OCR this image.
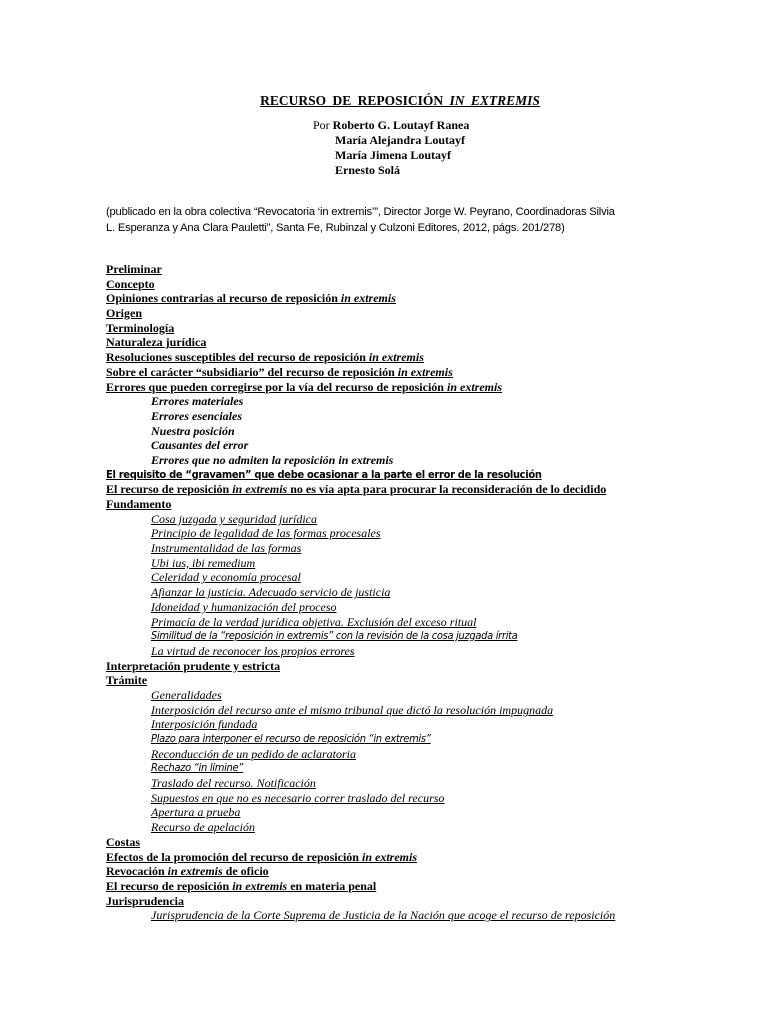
RECURSO DE REPOSICIÓN IN EXTREMIS
Por Roberto G. Loutayf Ranea
María Alejandra Loutayf
María Jimena Loutayf
Ernesto Solá
(publicado en la obra colectiva “Revocatoria ‘in extremis’”, Director Jorge W. Peyrano, Coordinadoras Silvia
L. Esperanza y Ana Clara Pauletti”, Santa Fe, Rubinzal y Culzoni Editores, 2012, págs. 201/278)
Preliminar
Concepto
Opiniones contrarias al recurso de reposición in extremis
Origen
Terminología
Naturaleza jurídica
Resoluciones susceptibles del recurso de reposición in extremis
Sobre el carácter “subsidiario” del recurso de reposición in extremis
Errores que pueden corregirse por la vía del recurso de reposición in extremis
Errores materiales
Errores esenciales
Nuestra posición
Causantes del error
Errores que no admiten la reposición in extremis
El requisito de “gravamen” que debe ocasionar a la parte el error de la resolución
El recurso de reposición in extremis no es vía apta para procurar la reconsideración de lo decidido
Fundamento
Cosa juzgada y seguridad jurídica
Principio de legalidad de las formas procesales
Instrumentalidad de las formas
Ubi ius, ibi remedium
Celeridad y economía procesal
Afianzar la justicia. Adecuado servicio de justicia
Idoneidad y humanización del proceso
Primacía de la verdad jurídica objetiva. Exclusión del exceso ritual
Similitud de la “reposición in extremis” con la revisión de la cosa juzgada írrita
La virtud de reconocer los propios errores
Interpretación prudente y estricta
Trámite
Generalidades
Interposición del recurso ante el mismo tribunal que dictó la resolución impugnada
Interposición fundada
Plazo para interponer el recurso de reposición “in extremis”
Reconducción de un pedido de aclaratoria
Rechazo “in limine”
Traslado del recurso. Notificación
Supuestos en que no es necesario correr traslado del recurso
Apertura a prueba
Recurso de apelación
Costas
Efectos de la promoción del recurso de reposición in extremis
Revocación in extremis de oficio
El recurso de reposición in extremis en materia penal
Jurisprudencia
Jurisprudencia de la Corte Suprema de Justicia de la Nación que acoge el recurso de reposición
